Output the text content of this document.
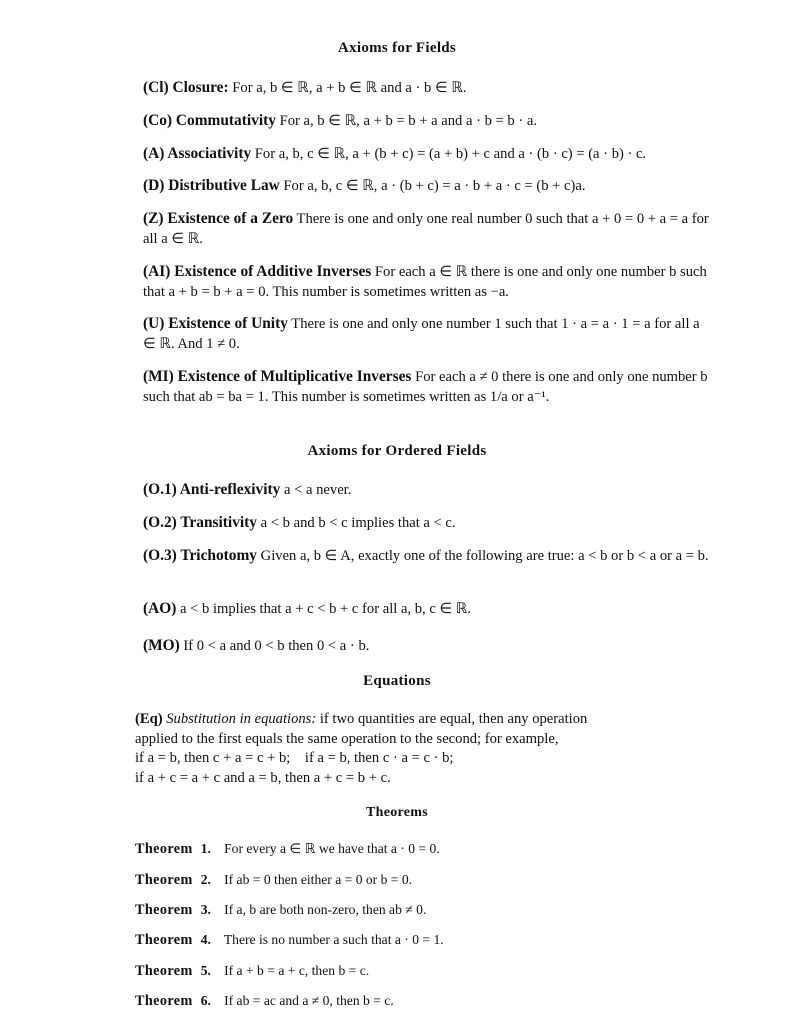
Axioms for Fields
(Cl) Closure: For a, b ∈ ℝ, a + b ∈ ℝ and a · b ∈ ℝ.
(Co) Commutativity For a, b ∈ ℝ, a + b = b + a and a · b = b · a.
(A) Associativity For a, b, c ∈ ℝ, a + (b + c) = (a + b) + c and a · (b · c) = (a · b) · c.
(D) Distributive Law For a, b, c ∈ ℝ, a · (b + c) = a · b + a · c = (b + c)a.
(Z) Existence of a Zero There is one and only one real number 0 such that a + 0 = 0 + a = a for all a ∈ ℝ.
(AI) Existence of Additive Inverses For each a ∈ ℝ there is one and only one number b such that a + b = b + a = 0. This number is sometimes written as −a.
(U) Existence of Unity There is one and only one number 1 such that 1 · a = a · 1 = a for all a ∈ ℝ. And 1 ≠ 0.
(MI) Existence of Multiplicative Inverses For each a ≠ 0 there is one and only one number b such that ab = ba = 1. This number is sometimes written as 1/a or a⁻¹.
Axioms for Ordered Fields
(O.1) Anti-reflexivity a < a never.
(O.2) Transitivity a < b and b < c implies that a < c.
(O.3) Trichotomy Given a, b ∈ A, exactly one of the following are true: a < b or b < a or a = b.
(AO) a < b implies that a + c < b + c for all a, b, c ∈ ℝ.
(MO) If 0 < a and 0 < b then 0 < a · b.
Equations
(Eq) Substitution in equations: if two quantities are equal, then any operation
applied to the first equals the same operation to the second; for example,
if a = b, then c + a = c + b;    if a = b, then c · a = c · b;
if a + c = a + c and a = b, then a + c = b + c.
Theorems
Theorem 1. For every a ∈ ℝ we have that a · 0 = 0.
Theorem 2. If ab = 0 then either a = 0 or b = 0.
Theorem 3. If a, b are both non-zero, then ab ≠ 0.
Theorem 4. There is no number a such that a · 0 = 1.
Theorem 5. If a + b = a + c, then b = c.
Theorem 6. If ab = ac and a ≠ 0, then b = c.
